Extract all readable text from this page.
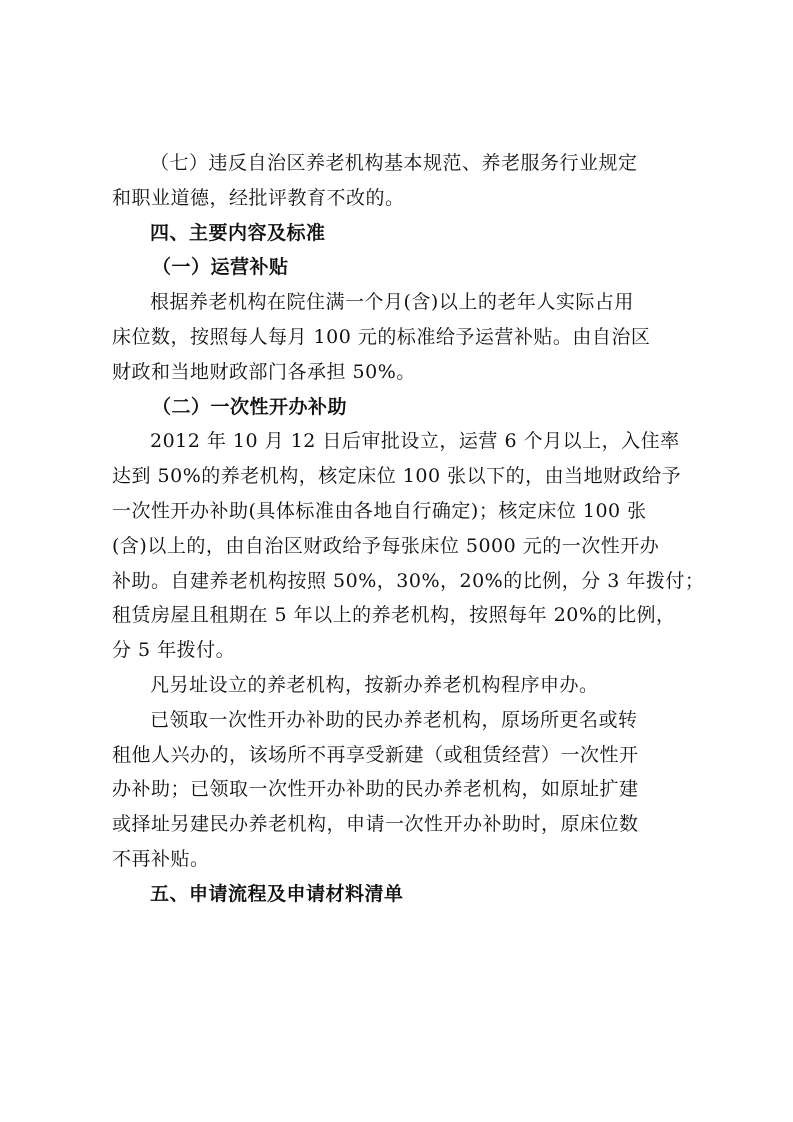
（七）违反自治区养老机构基本规范、养老服务行业规定
和职业道德，经批评教育不改的。
四、主要内容及标准
（一）运营补贴
根据养老机构在院住满一个月(含)以上的老年人实际占用
床位数，按照每人每月 100 元的标准给予运营补贴。由自治区
财政和当地财政部门各承担 50%。
（二）一次性开办补助
2012 年 10 月 12 日后审批设立，运营 6 个月以上，入住率
达到 50%的养老机构，核定床位 100 张以下的，由当地财政给予
一次性开办补助(具体标准由各地自行确定)；核定床位 100 张
(含)以上的，由自治区财政给予每张床位 5000 元的一次性开办
补助。自建养老机构按照 50%，30%，20%的比例，分 3 年拨付；
租赁房屋且租期在 5 年以上的养老机构，按照每年 20%的比例，
分 5 年拨付。
凡另址设立的养老机构，按新办养老机构程序申办。
已领取一次性开办补助的民办养老机构，原场所更名或转
租他人兴办的，该场所不再享受新建（或租赁经营）一次性开
办补助；已领取一次性开办补助的民办养老机构，如原址扩建
或择址另建民办养老机构，申请一次性开办补助时，原床位数
不再补贴。
五、申请流程及申请材料清单
